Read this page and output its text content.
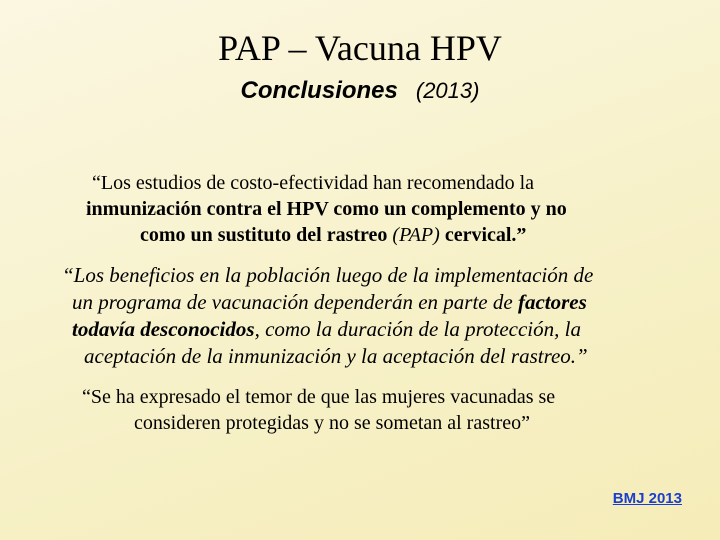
PAP – Vacuna HPV
Conclusiones (2013)
“Los estudios de costo-efectividad han recomendado la
inmunización contra el HPV como un complemento y no
como un sustituto del rastreo (PAP) cervical.”
“Los beneficios en la población luego de la implementación de
un programa de vacunación dependerán en parte de factores
todavía desconocidos, como la duración de la protección, la
aceptación de la inmunización y la aceptación del rastreo.”
“Se ha expresado el temor de que las mujeres vacunadas se
consideren protegidas y no se sometan al rastreo”
BMJ 2013
